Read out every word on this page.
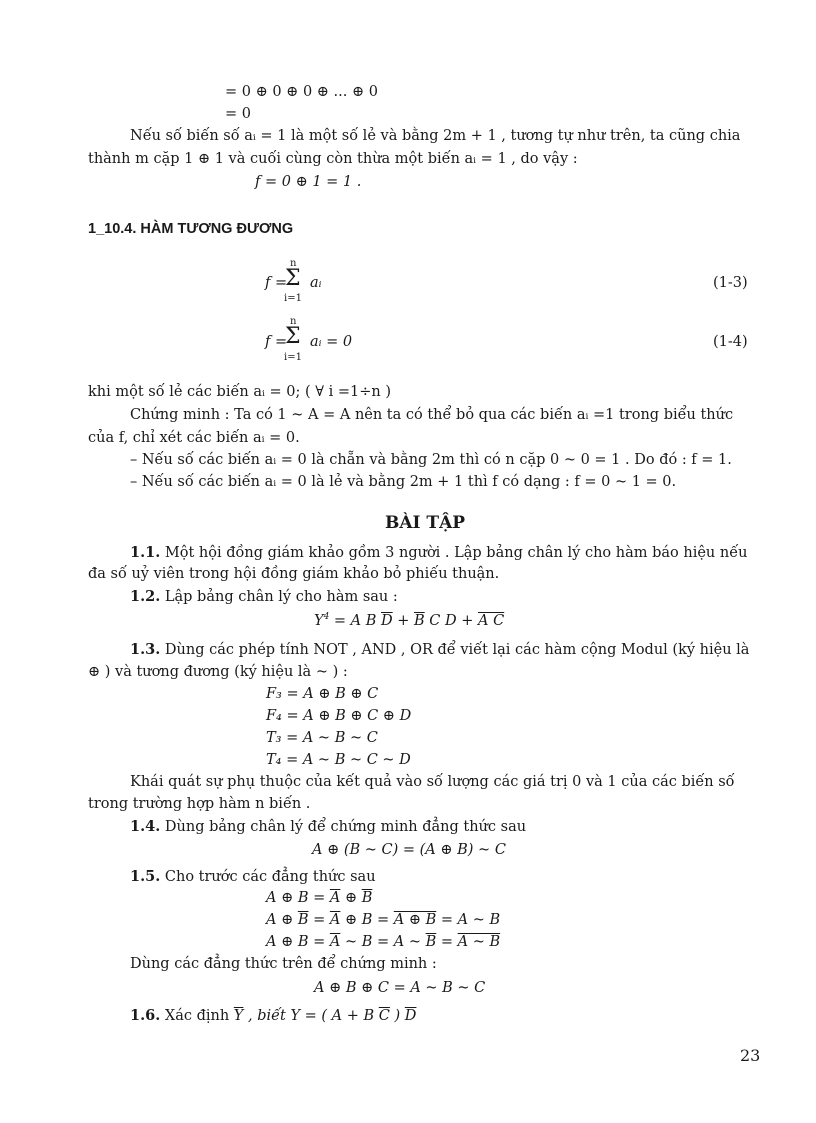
= 0 ⊕ 0 ⊕ 0 ⊕ ... ⊕ 0
= 0
Nếu số biến số aᵢ = 1 là một số lẻ và bằng 2m + 1 , tương tự như trên, ta cũng chia
thành m cặp 1 ⊕ 1 và cuối cùng còn thừa một biến aᵢ = 1 , do vậy :
f = 0 ⊕ 1 = 1 .
1_10.4. HÀM TƯƠNG ĐƯƠNG
f =
n
Σ
i=1
aᵢ	(1-3)
f =
n
Σ
i=1
aᵢ = 0	(1-4)
khi một số lẻ các biến aᵢ = 0; ( ∀ i =1÷n )
Chứng minh : Ta có 1 ~ A = A nên ta có thể bỏ qua các biến aᵢ =1 trong biểu thức
của f, chỉ xét các biến aᵢ = 0.
– Nếu số các biến aᵢ = 0 là chẵn và bằng 2m thì có n cặp 0 ~ 0 = 1 . Do đó : f = 1.
– Nếu số các biến aᵢ = 0 là lẻ và bằng 2m + 1 thì f có dạng : f = 0 ~ 1 = 0.
BÀI TẬP
1.1. Một hội đồng giám khảo gồm 3 người . Lập bảng chân lý cho hàm báo hiệu nếu
đa số uỷ viên trong hội đồng giám khảo bỏ phiếu thuận.
1.2. Lập bảng chân lý cho hàm sau :
$Y^4 = A$ B $\overline{D} + \overline{B}$ C D + A C
1.3. Dùng các phép tính NOT , AND , OR để viết lại các hàm cộng Modul (ký hiệu là
⊕ ) và tương đương (ký hiệu là ~ ) :
F₃ = A ⊕ B ⊕ C
F₄ = A ⊕ B ⊕ C ⊕ D
T₃ = A ~ B ~ C
T₄ = A ~ B ~ C ~ D
Khái quát sự phụ thuộc của kết quả vào số lượng các giá trị 0 và 1 của các biến số
trong trường hợp hàm n biến .
1.4. Dùng bảng chân lý để chứng minh đẳng thức sau
A ⊕ (B ~ C) = (A ⊕ B) ~ C
1.5. Cho trước các đẳng thức sau
A ⊕ $B = \overline{A}$ ⊕ $\overline{B}$
A ⊕ $\overline{B} = \overline{A}$ ⊕ B = A ⊕ B = A ~ B
A ⊕ $B = \overline{A}$ ~ B = A ~ $\overline{B} = A$ ~ B
Dùng các đẳng thức trên để chứng minh :
A ⊕ B ⊕ C = A ~ B ~ C
1.6. Xác định $\overline{Y}$ , biết Y = ( A + B $\overline{C}$ ) $\overline{D}$
23
